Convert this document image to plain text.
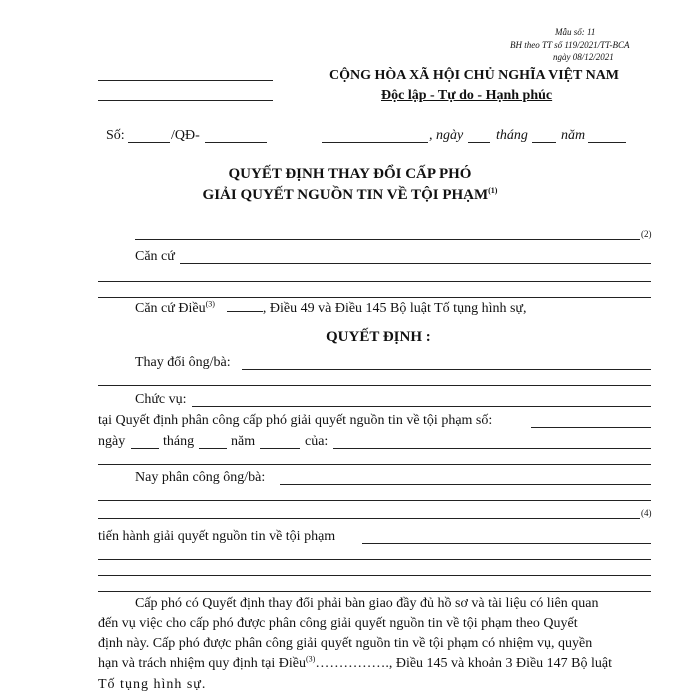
Mẫu số: 11
BH theo TT số 119/2021/TT-BCA
ngày 08/12/2021
CỘNG HÒA XÃ HỘI CHỦ NGHĨA VIỆT NAM
Độc lập - Tự do - Hạnh phúc
Số:	/QĐ-	, ngày tháng năm
QUYẾT ĐỊNH THAY ĐỔI CẤP PHÓ
GIẢI QUYẾT NGUỒN TIN VỀ TỘI PHẠM$^{(1)}$
(2)
Căn cứ
Căn cứ Điều$^{(3)}$	, Điều 49 và Điều 145 Bộ luật Tố tụng hình sự,
QUYẾT ĐỊNH :
Thay đổi ông/bà:
Chức vụ:
tại Quyết định phân công cấp phó giải quyết nguồn tin về tội phạm số:
ngày	tháng	năm	của:
Nay phân công ông/bà:
(4)
tiến hành giải quyết nguồn tin về tội phạm
Cấp phó có Quyết định thay đổi phải bàn giao đầy đủ hồ sơ và tài liệu có liên quan
đến vụ việc cho cấp phó được phân công giải quyết nguồn tin về tội phạm theo Quyết
định này. Cấp phó được phân công giải quyết nguồn tin về tội phạm có nhiệm vụ, quyền
hạn và trách nhiệm quy định tại Điều$^{(3)}$……………., Điều 145 và khoản 3 Điều 147 Bộ luật
Tố tụng hình sự.
